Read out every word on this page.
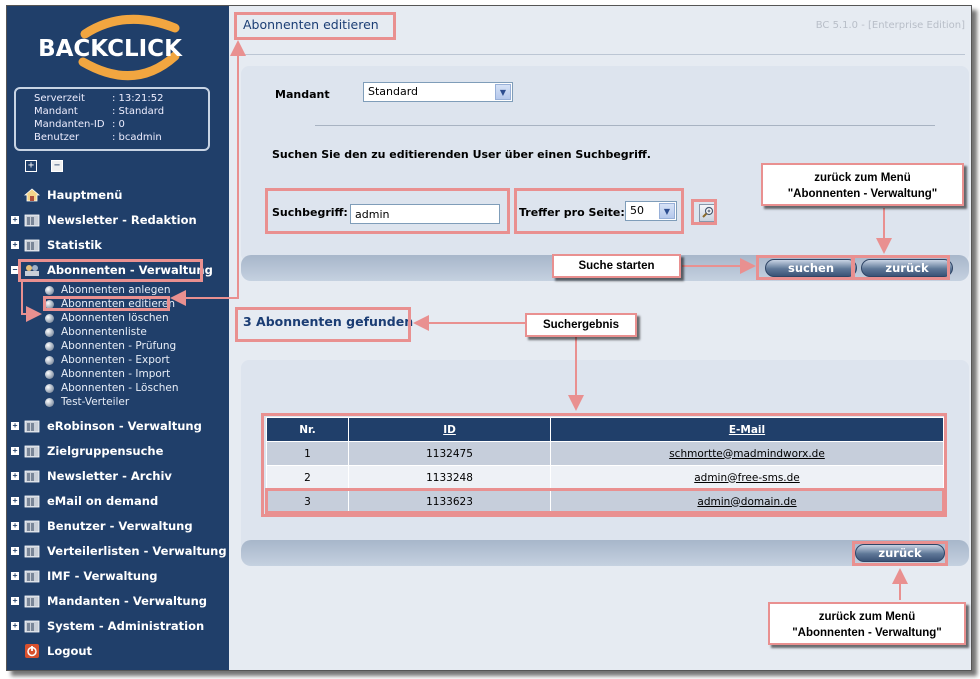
BACKCLICK
Serverzeit	: 13:21:52
Mandant	: Standard
Mandanten-ID : 0
Benutzer	: bcadmin
+ −
Hauptmenü
+	Newsletter - Redaktion
+	Statistik
−	Abonnenten - Verwaltung
Abonnenten anlegen
Abonnenten editieren
Abonnenten löschen
Abonnentenliste
Abonnenten - Prüfung
Abonnenten - Export
Abonnenten - Import
Abonnenten - Löschen
Test-Verteiler
+	eRobinson - Verwaltung
+	Zielgruppensuche
+	Newsletter - Archiv
+	eMail on demand
+	Benutzer - Verwaltung
+	Verteilerlisten - Verwaltung
+	IMF - Verwaltung
+	Mandanten - Verwaltung
+	System - Administration
Logout
Abonnenten editieren	BC 5.1.0 - [Enterprise Edition]
Mandant	Standard	▼
Suchen Sie den zu editierenden User über einen Suchbegriff.
Suchbegriff: admin	Treffer pro Seite: 50	▼
suchen	zurück
3 Abonnenten gefunden
Nr.	ID	E-Mail
1	1132475	schmortte@madmindworx.de
2	1133248	admin@free-sms.de
3	1133623	admin@domain.de
zurück
zurück zum Menü
"Abonnenten - Verwaltung"
Suche starten
Suchergebnis
zurück zum Menü
"Abonnenten - Verwaltung"
